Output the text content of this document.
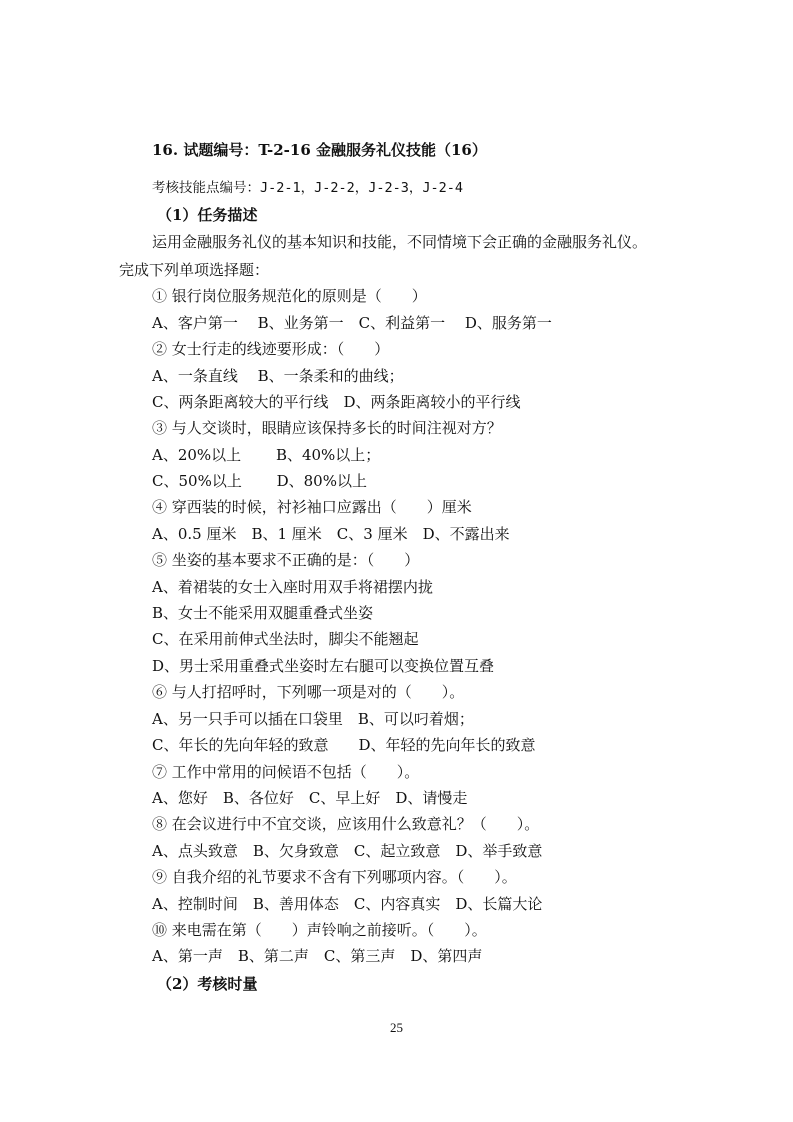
16. 试题编号：T-2-16 金融服务礼仪技能（16）
考核技能点编号：J-2-1，J-2-2，J-2-3，J-2-4
（1）任务描述
运用金融服务礼仪的基本知识和技能，不同情境下会正确的金融服务礼仪。
完成下列单项选择题：
① 银行岗位服务规范化的原则是（　　）
A、客户第一　 B、业务第一　C、利益第一　 D、服务第一
② 女士行走的线迹要形成：（　　）
A、一条直线　 B、一条柔和的曲线；
C、两条距离较大的平行线　D、两条距离较小的平行线
③ 与人交谈时，眼睛应该保持多长的时间注视对方？
A、20%以上　　 B、40%以上；
C、50%以上　　 D、80%以上
④ 穿西装的时候，衬衫袖口应露出（　　）厘米
A、0.5 厘米　B、1 厘米　C、3 厘米　D、不露出来
⑤ 坐姿的基本要求不正确的是：（　　）
A、着裙装的女士入座时用双手将裙摆内拢
B、女士不能采用双腿重叠式坐姿
C、在采用前伸式坐法时，脚尖不能翘起
D、男士采用重叠式坐姿时左右腿可以变换位置互叠
⑥ 与人打招呼时，下列哪一项是对的（　　）。
A、另一只手可以插在口袋里　B、可以叼着烟；
C、年长的先向年轻的致意　　D、年轻的先向年长的致意
⑦ 工作中常用的问候语不包括（　　）。
A、您好　B、各位好　C、早上好　D、请慢走
⑧ 在会议进行中不宜交谈，应该用什么致意礼？（　　）。
A、点头致意　B、欠身致意　C、起立致意　D、举手致意
⑨ 自我介绍的礼节要求不含有下列哪项内容。（　　）。
A、控制时间　B、善用体态　C、内容真实　D、长篇大论
⑩ 来电需在第（　　）声铃响之前接听。（　　）。
A、第一声　B、第二声　C、第三声　D、第四声
（2）考核时量
25
